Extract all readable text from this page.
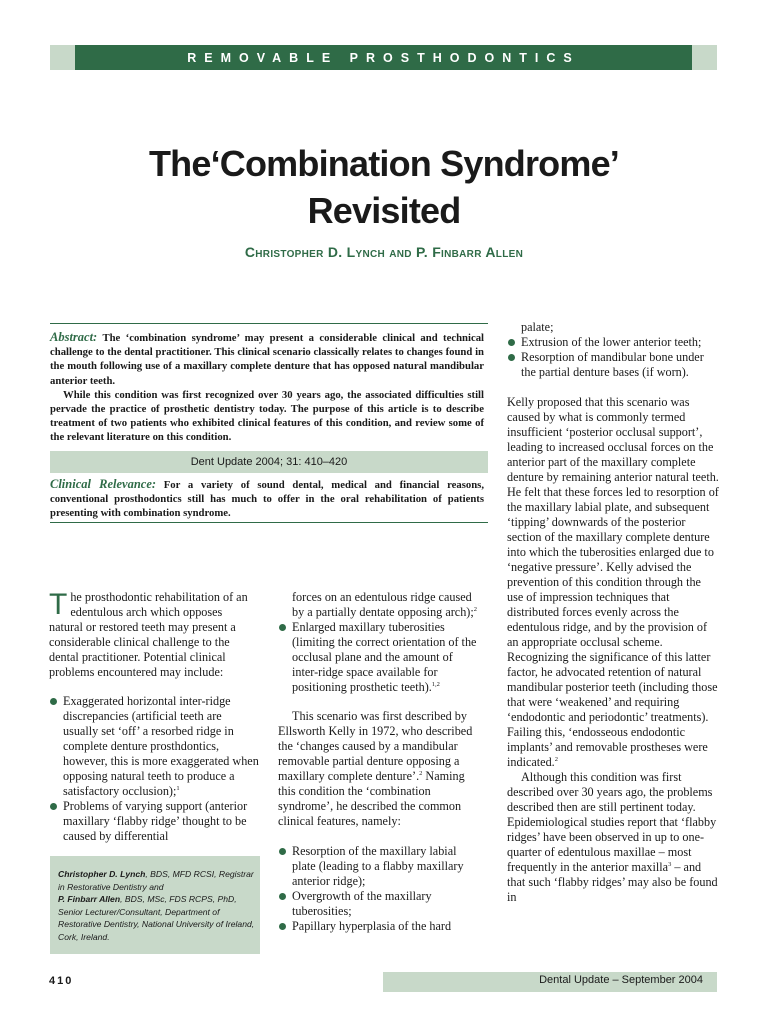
REMOVABLE PROSTHODONTICS
The‘Combination Syndrome’
Revisited
Christopher D. Lynch and P. Finbarr Allen

Abstract: The ‘combination syndrome’ may present a considerable clinical and technical challenge to the dental practitioner. This clinical scenario classically relates to changes found in the mouth following use of a maxillary complete denture that has opposed natural mandibular anterior teeth.

While this condition was first recognized over 30 years ago, the associated difficulties still pervade the practice of prosthetic dentistry today. The purpose of this article is to describe treatment of two patients who exhibited clinical features of this condition, and review some of the relevant literature on this condition.

Dent Update 2004; 31: 410–420
Clinical Relevance: For a variety of sound dental, medical and financial reasons, conventional prosthodontics still has much to offer in the oral rehabilitation of patients presenting with combination syndrome.

The prosthodontic rehabilitation of an edentulous arch which opposes natural or restored teeth may present a considerable clinical challenge to the dental practitioner. Potential clinical problems encountered may include:

Exaggerated horizontal inter-ridge discrepancies (artificial teeth are usually set ‘off’ a resorbed ridge in complete denture prosthdontics, however, this is more exaggerated when opposing natural teeth to produce a satisfactory occlusion);$^1$
Problems of varying support (anterior maxillary ‘flabby ridge’ thought to be caused by differential

forces on an edentulous ridge caused by a partially dentate opposing arch);$^2$

Enlarged maxillary tuberosities (limiting the correct orientation of the occlusal plane and the amount of inter-ridge space available for positioning prosthetic teeth).$^{1,2}$

This scenario was first described by Ellsworth Kelly in 1972, who described the ‘changes caused by a mandibular removable partial denture opposing a maxillary complete denture’.$^2$ Naming this condition the ‘combination syndrome’, he described the common clinical features, namely:

Resorption of the maxillary labial plate (leading to a flabby maxillary anterior ridge);
Overgrowth of the maxillary tuberosities;
Papillary hyperplasia of the hard

palate;

Extrusion of the lower anterior teeth;
Resorption of mandibular bone under the partial denture bases (if worn).

Kelly proposed that this scenario was caused by what is commonly termed insufficient ‘posterior occlusal support’, leading to increased occlusal forces on the anterior part of the maxillary complete denture by remaining anterior natural teeth. He felt that these forces led to resorption of the maxillary labial plate, and subsequent ‘tipping’ downwards of the posterior section of the maxillary complete denture into which the tuberosities enlarged due to ‘negative pressure’. Kelly advised the prevention of this condition through the use of impression techniques that distributed forces evenly across the edentulous ridge, and by the provision of an appropriate occlusal scheme. Recognizing the significance of this latter factor, he advocated retention of natural mandibular posterior teeth (including those that were ‘weakened’ and requiring ‘endodontic and periodontic’ treatments). Failing this, ‘endosseous endodontic implants’ and removable prostheses were indicated.$^2$

Although this condition was first described over 30 years ago, the problems described then are still pertinent today. Epidemiological studies report that ‘flabby ridges’ have been observed in up to one-quarter of edentulous maxillae – most frequently in the anterior maxilla$^3$ – and that such ‘flabby ridges’ may also be found in

Christopher D. Lynch, BDS, MFD RCSI, Registrar in Restorative Dentistry and
P. Finbarr Allen, BDS, MSc, FDS RCPS, PhD, Senior Lecturer/Consultant, Department of Restorative Dentistry, National University of Ireland, Cork, Ireland.
410	Dental Update – September 2004
